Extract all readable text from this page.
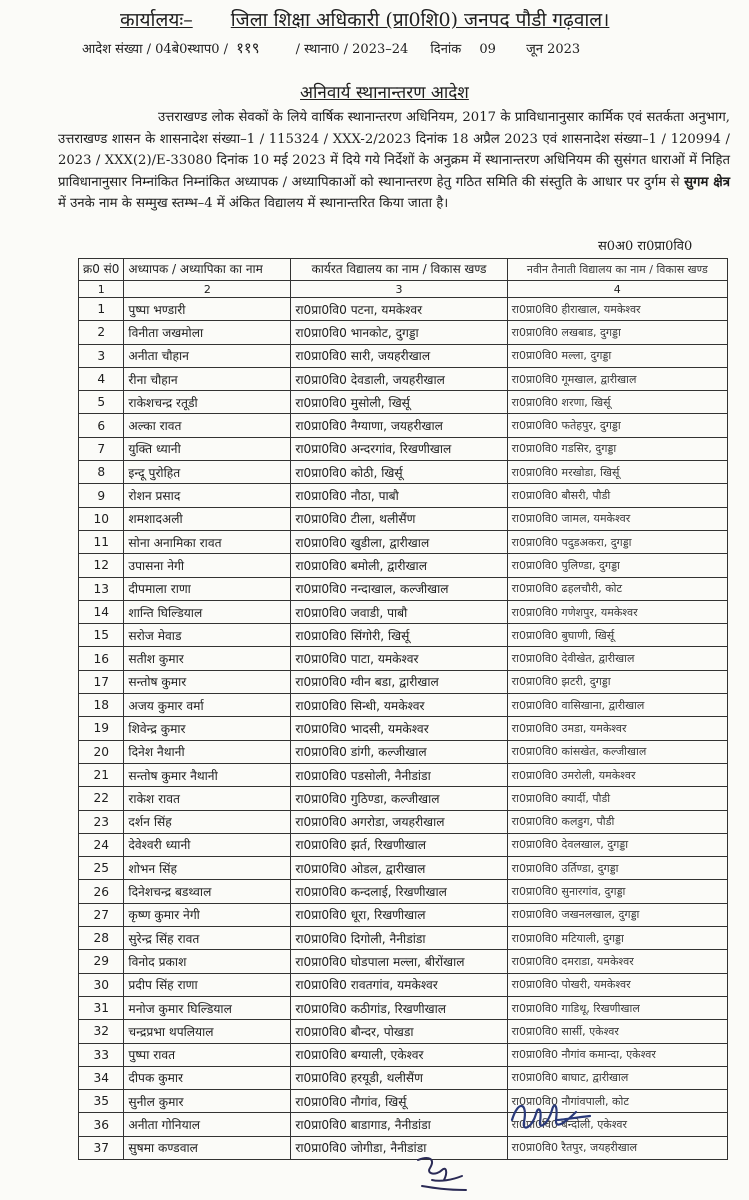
कार्यालयः– जिला शिक्षा अधिकारी (प्रा0शि0) जनपद पौडी गढ़वाल।
आदेश संख्या / 04बे0स्थाप0 / ११९	/ स्थाना0 / 2023–24 दिनांक 09 जून 2023
अनिवार्य स्थानान्तरण आदेश
उत्तराखण्ड लोक सेवकों के लिये वार्षिक स्थानान्तरण अधिनियम, 2017 के प्राविधानानुसार कार्मिक एवं सतर्कता अनुभाग, उत्तराखण्ड शासन के शासनादेश संख्या–1 / 115324 / XXX-2/2023 दिनांक 18 अप्रैल 2023 एवं शासनादेश संख्या–1 / 120994 / 2023 / XXX(2)/E-33080 दिनांक 10 मई 2023 में दिये गये निर्देशों के अनुक्रम में स्थानान्तरण अधिनियम की सुसंगत धाराओं में निहित प्राविधानानुसार निम्नांकित निम्नांकित अध्यापक / अध्यापिकाओं को स्थानान्तरण हेतु गठित समिति की संस्तुति के आधार पर दुर्गम से सुगम क्षेत्र में उनके नाम के सम्मुख स्तम्भ–4 में अंकित विद्यालय में स्थानान्तरित किया जाता है।
स0अ0 रा0प्रा0वि0
क्र0 सं0	अध्यापक / अध्यापिका का नाम	कार्यरत विद्यालय का नाम / विकास खण्ड	नवीन तैनाती विद्यालय का नाम / विकास खण्ड
1	2	3	4
1	पुष्पा भण्डारी	रा0प्रा0वि0 पटना, यमकेश्वर	रा0प्रा0वि0 हीराखाल, यमकेश्वर
2	विनीता जखमोला	रा0प्रा0वि0 भानकोट, दुगड्डा	रा0प्रा0वि0 लखबाड, दुगड्डा
3	अनीता चौहान	रा0प्रा0वि0 सारी, जयहरीखाल	रा0प्रा0वि0 मल्ला, दुगड्डा
4	रीना चौहान	रा0प्रा0वि0 देवडाली, जयहरीखाल	रा0प्रा0वि0 गूमखाल, द्वारीखाल
5	राकेशचन्द्र रतूडी	रा0प्रा0वि0 मुसोली, खिर्सू	रा0प्रा0वि0 शरणा, खिर्सू
6	अल्का रावत	रा0प्रा0वि0 नैग्याणा, जयहरीखाल	रा0प्रा0वि0 फतेहपुर, दुगड्डा
7	युक्ति ध्यानी	रा0प्रा0वि0 अन्दरगांव, रिखणीखाल	रा0प्रा0वि0 गडसिर, दुगड्डा
8	इन्दू पुरोहित	रा0प्रा0वि0 कोठी, खिर्सू	रा0प्रा0वि0 मरखोडा, खिर्सू
9	रोशन प्रसाद	रा0प्रा0वि0 नौठा, पाबौ	रा0प्रा0वि0 बौसरी, पौडी
10	शमशादअली	रा0प्रा0वि0 टीला, थलीसैंण	रा0प्रा0वि0 जामल, यमकेश्वर
11	सोना अनामिका रावत	रा0प्रा0वि0 खुडीला, द्वारीखाल	रा0प्रा0वि0 पदुडअकरा, दुगड्डा
12	उपासना नेगी	रा0प्रा0वि0 बमोली, द्वारीखाल	रा0प्रा0वि0 पुलिण्डा, दुगड्डा
13	दीपमाला राणा	रा0प्रा0वि0 नन्दाखाल, कल्जीखाल	रा0प्रा0वि0 ढहलचौरी, कोट
14	शान्ति घिल्डियाल	रा0प्रा0वि0 जवाडी, पाबौ	रा0प्रा0वि0 गणेशपुर, यमकेश्वर
15	सरोज मेवाड	रा0प्रा0वि0 सिंगोरी, खिर्सू	रा0प्रा0वि0 बुघाणी, खिर्सू
16	सतीश कुमार	रा0प्रा0वि0 पाटा, यमकेश्वर	रा0प्रा0वि0 देवीखेत, द्वारीखाल
17	सन्तोष कुमार	रा0प्रा0वि0 ग्वीन बडा, द्वारीखाल	रा0प्रा0वि0 झटरी, दुगड्डा
18	अजय कुमार वर्मा	रा0प्रा0वि0 सिन्धी, यमकेश्वर	रा0प्रा0वि0 वासिखाना, द्वारीखाल
19	शिवेन्द्र कुमार	रा0प्रा0वि0 भादसी, यमकेश्वर	रा0प्रा0वि0 उमडा, यमकेश्वर
20	दिनेश नैथानी	रा0प्रा0वि0 डांगी, कल्जीखाल	रा0प्रा0वि0 कांसखेत, कल्जीखाल
21	सन्तोष कुमार नैथानी	रा0प्रा0वि0 पडसोली, नैनीडांडा	रा0प्रा0वि0 उमरोली, यमकेश्वर
22	राकेश रावत	रा0प्रा0वि0 गुठिण्डा, कल्जीखाल	रा0प्रा0वि0 क्यार्दी, पौडी
23	दर्शन सिंह	रा0प्रा0वि0 अगरोडा, जयहरीखाल	रा0प्रा0वि0 कलडुग, पौडी
24	देवेश्वरी ध्यानी	रा0प्रा0वि0 झर्त, रिखणीखाल	रा0प्रा0वि0 देवलखाल, दुगड्डा
25	शोभन सिंह	रा0प्रा0वि0 ओडल, द्वारीखाल	रा0प्रा0वि0 उर्तिण्डा, दुगड्डा
26	दिनेशचन्द्र बडथ्वाल	रा0प्रा0वि0 कन्दलाई, रिखणीखाल	रा0प्रा0वि0 सुनारगांव, दुगड्डा
27	कृष्ण कुमार नेगी	रा0प्रा0वि0 धूरा, रिखणीखाल	रा0प्रा0वि0 जखनलखाल, दुगड्डा
28	सुरेन्द्र सिंह रावत	रा0प्रा0वि0 दिगोली, नैनीडांडा	रा0प्रा0वि0 मटियाली, दुगड्डा
29	विनोद प्रकाश	रा0प्रा0वि0 घोडपाला मल्ला, बीरोंखाल	रा0प्रा0वि0 दमराडा, यमकेश्वर
30	प्रदीप सिंह राणा	रा0प्रा0वि0 रावतगांव, यमकेश्वर	रा0प्रा0वि0 पोखरी, यमकेश्वर
31	मनोज कुमार घिल्डियाल	रा0प्रा0वि0 कठीगांड, रिखणीखाल	रा0प्रा0वि0 गाडिथू, रिखणीखाल
32	चन्द्रप्रभा थपलियाल	रा0प्रा0वि0 बौन्दर, पोखडा	रा0प्रा0वि0 सार्सी, एकेश्वर
33	पुष्पा रावत	रा0प्रा0वि0 बग्याली, एकेश्वर	रा0प्रा0वि0 नौगांव कमान्दा, एकेश्वर
34	दीपक कुमार	रा0प्रा0वि0 हरयूडी, थलीसैंण	रा0प्रा0वि0 बाघाट, द्वारीखाल
35	सुनील कुमार	रा0प्रा0वि0 नौगांव, खिर्सू	रा0प्रा0वि0 नौगांवपाली, कोट
36	अनीता गोनियाल	रा0प्रा0वि0 बाडागाड, नैनीडांडा	रा0प्रा0वि0 बन्दोली, एकेश्वर
37	सुषमा कण्डवाल	रा0प्रा0वि0 जोगीडा, नैनीडांडा	रा0प्रा0वि0 रैतपुर, जयहरीखाल
